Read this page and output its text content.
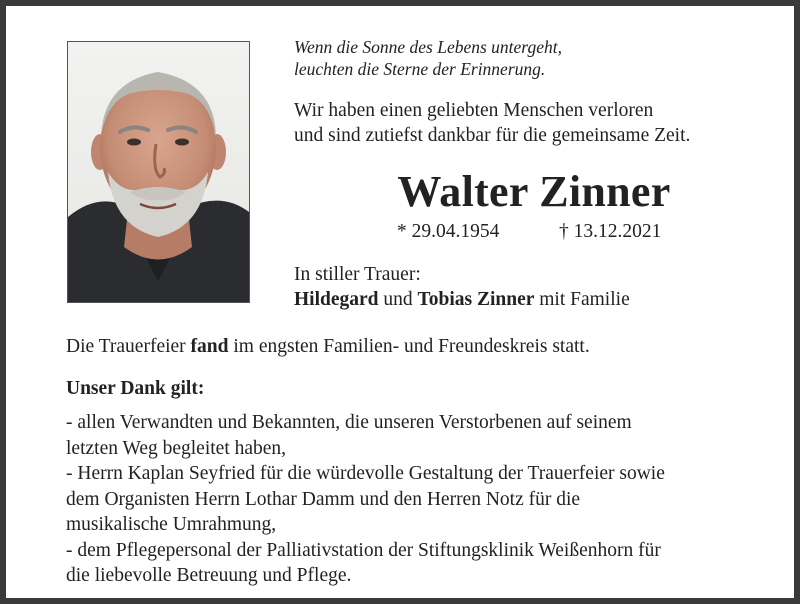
Wenn die Sonne des Lebens untergeht,
leuchten die Sterne der Erinnerung.
Wir haben einen geliebten Menschen verloren
und sind zutiefst dankbar für die gemeinsame Zeit.
Walter Zinner
* 29.04.1954	† 13.12.2021
In stiller Trauer:
Hildegard und Tobias Zinner mit Familie
Die Trauerfeier fand im engsten Familien- und Freundeskreis statt.
Unser Dank gilt:
- allen Verwandten und Bekannten, die unseren Verstorbenen auf seinem
letzten Weg begleitet haben,
- Herrn Kaplan Seyfried für die würdevolle Gestaltung der Trauerfeier sowie
dem Organisten Herrn Lothar Damm und den Herren Notz für die
musikalische Umrahmung,
- dem Pflegepersonal der Palliativstation der Stiftungsklinik Weißenhorn für
die liebevolle Betreuung und Pflege.
